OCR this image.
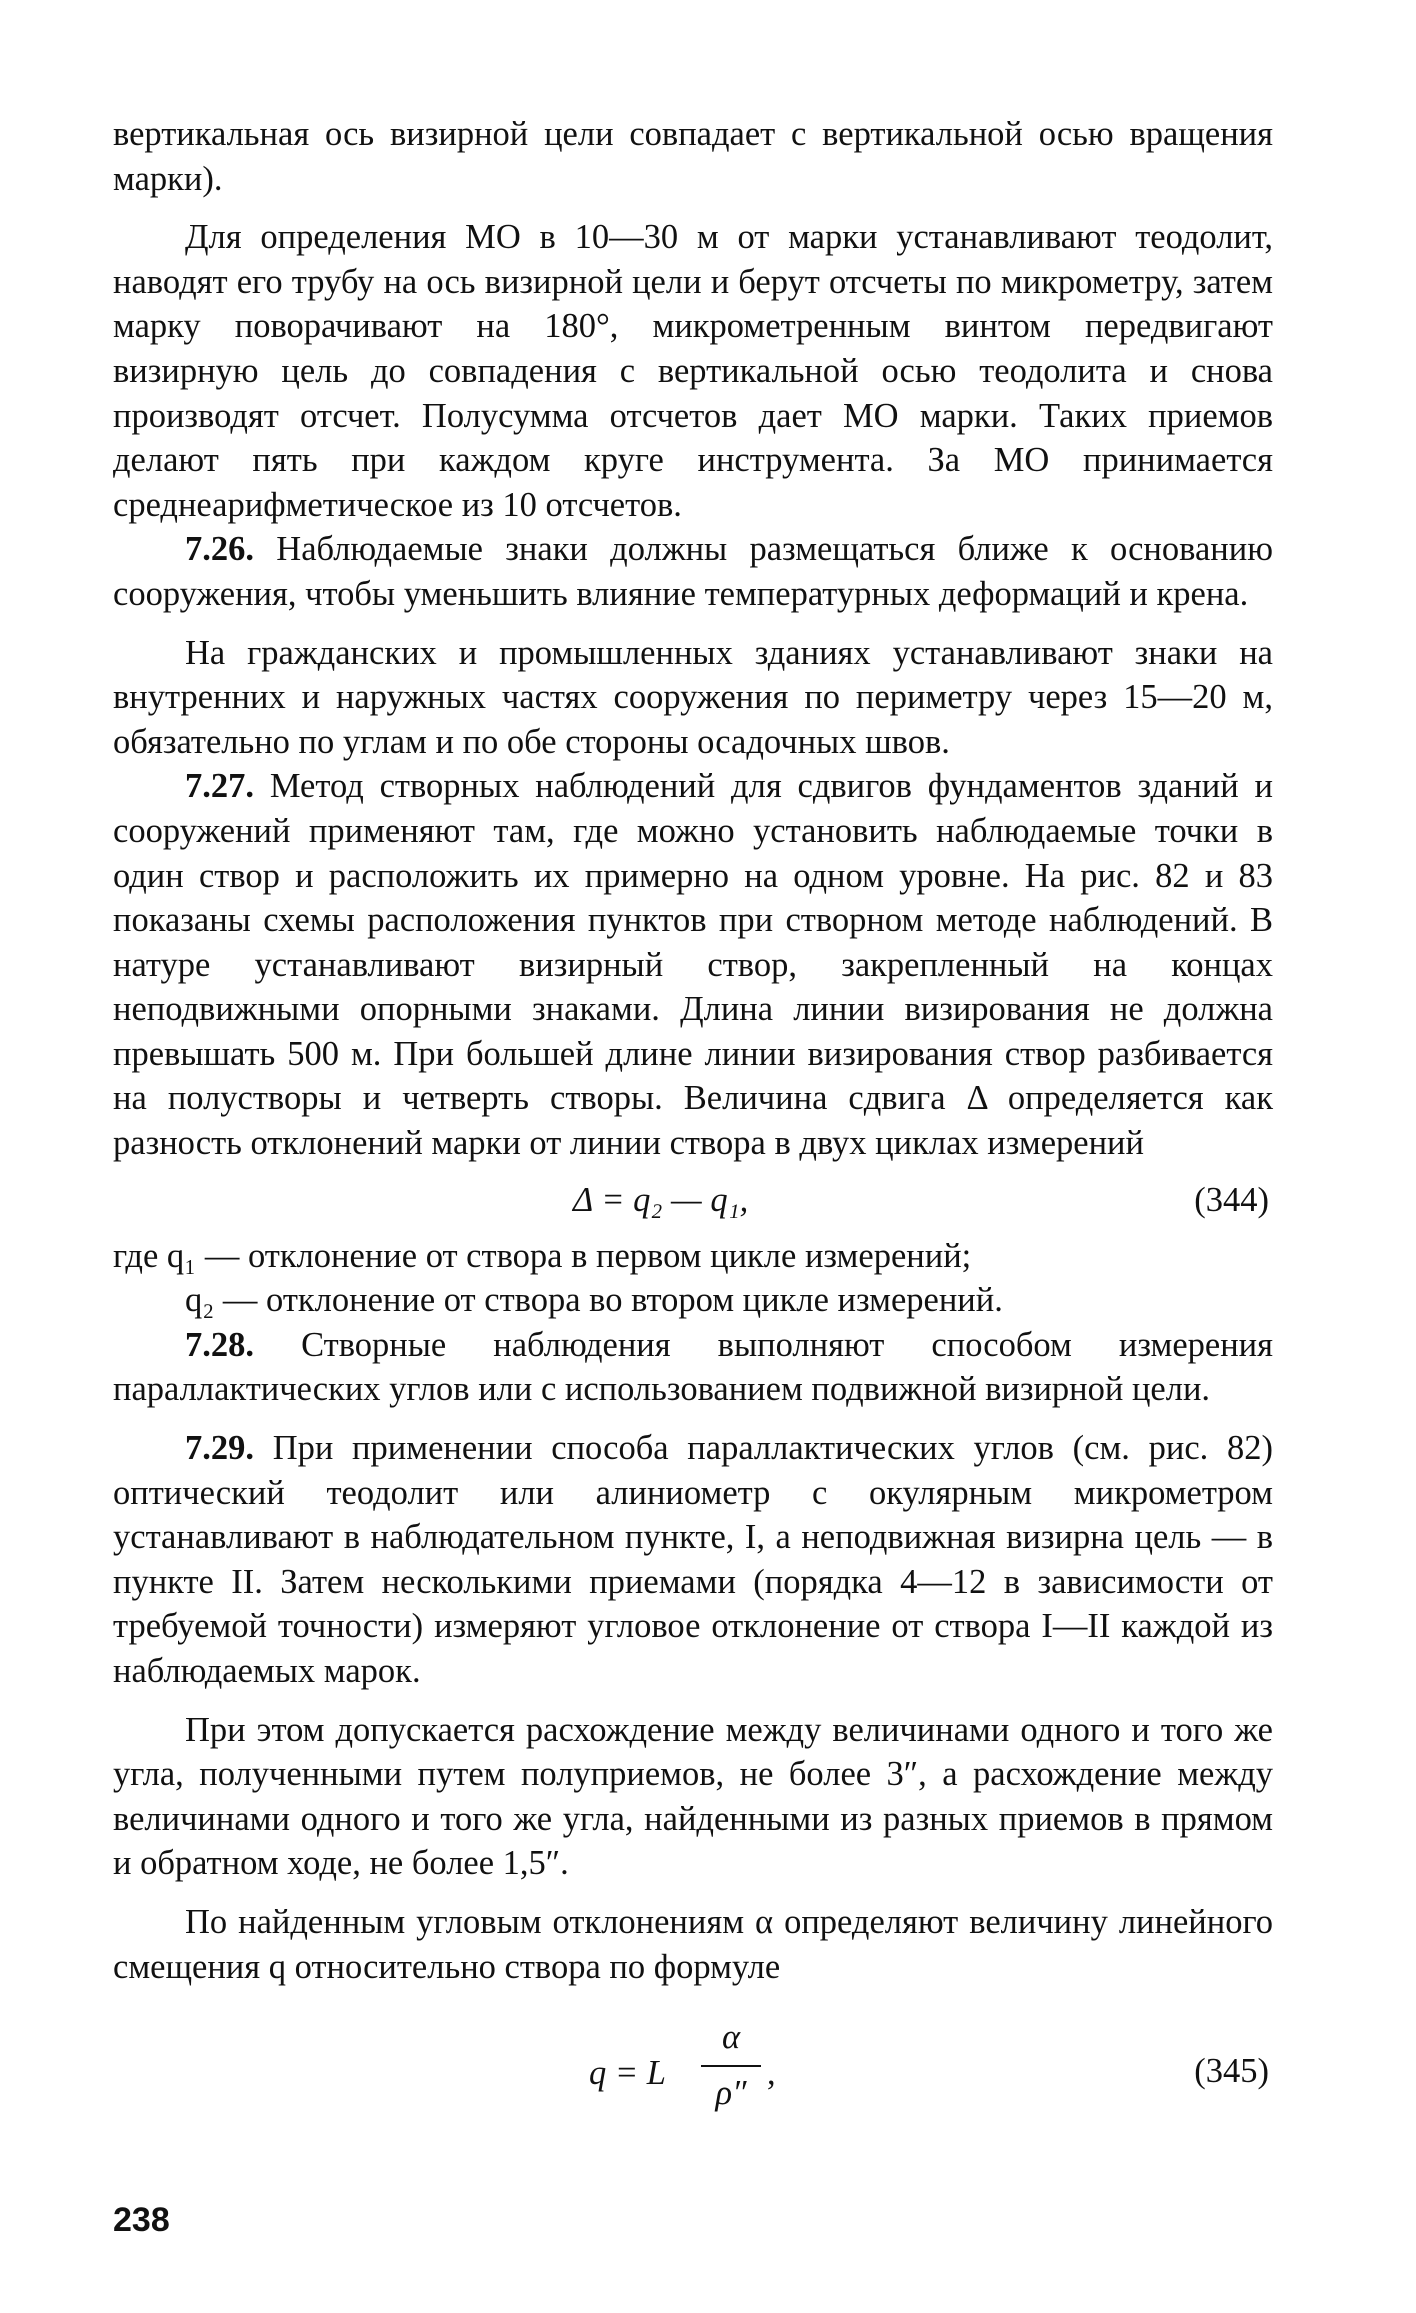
вертикальная ось визирной цели совпадает с вертикальной осью вращения марки).

Для определения МО в 10—30 м от марки устанавливают теодолит, наводят его трубу на ось визирной цели и берут отсчеты по микрометру, затем марку поворачивают на 180°, микрометренным винтом передвигают визирную цель до совпадения с вертикальной осью теодолита и снова производят отсчет. Полусумма отсчетов дает МО марки. Таких приемов делают пять при каждом круге инструмента. За МО принимается среднеарифметическое из 10 отсчетов.

7.26. Наблюдаемые знаки должны размещаться ближе к основанию сооружения, чтобы уменьшить влияние температурных деформаций и крена.

На гражданских и промышленных зданиях устанавливают знаки на внутренних и наружных частях сооружения по периметру через 15—20 м, обязательно по углам и по обе стороны осадочных швов.

7.27. Метод створных наблюдений для сдвигов фундаментов зданий и сооружений применяют там, где можно установить наблюдаемые точки в один створ и расположить их примерно на одном уровне. На рис. 82 и 83 показаны схемы расположения пунктов при створном методе наблюдений. В натуре устанавливают визирный створ, закрепленный на концах неподвижными опорными знаками. Длина линии визирования не должна превышать 500 м. При большей длине линии визирования створ разбивается на полустворы и четверть створы. Величина сдвига Δ определяется как разность отклонений марки от линии створа в двух циклах измерений

Δ = q₂ — q₁,	(344)

где q₁ — отклонение от створа в первом цикле измерений;

q₂ — отклонение от створа во втором цикле измерений.

7.28. Створные наблюдения выполняют способом измерения параллактических углов или с использованием подвижной визирной цели.

7.29. При применении способа параллактических углов (см. рис. 82) оптический теодолит или алиниометр с окулярным микрометром устанавливают в наблюдательном пункте, I, а неподвижная визирна цель — в пункте II. Затем несколькими приемами (порядка 4—12 в зависимости от требуемой точности) измеряют угловое отклонение от створа I—II каждой из наблюдаемых марок.

При этом допускается расхождение между величинами одного и того же угла, полученными путем полуприемов, не более 3″, а расхождение между величинами одного и того же угла, найденными из разных приемов в прямом и обратном ходе, не более 1,5″.

По найденным угловым отклонениям α определяют величину линейного смещения q относительно створа по формуле

q = L
α
ρ″
,	(345)
238
